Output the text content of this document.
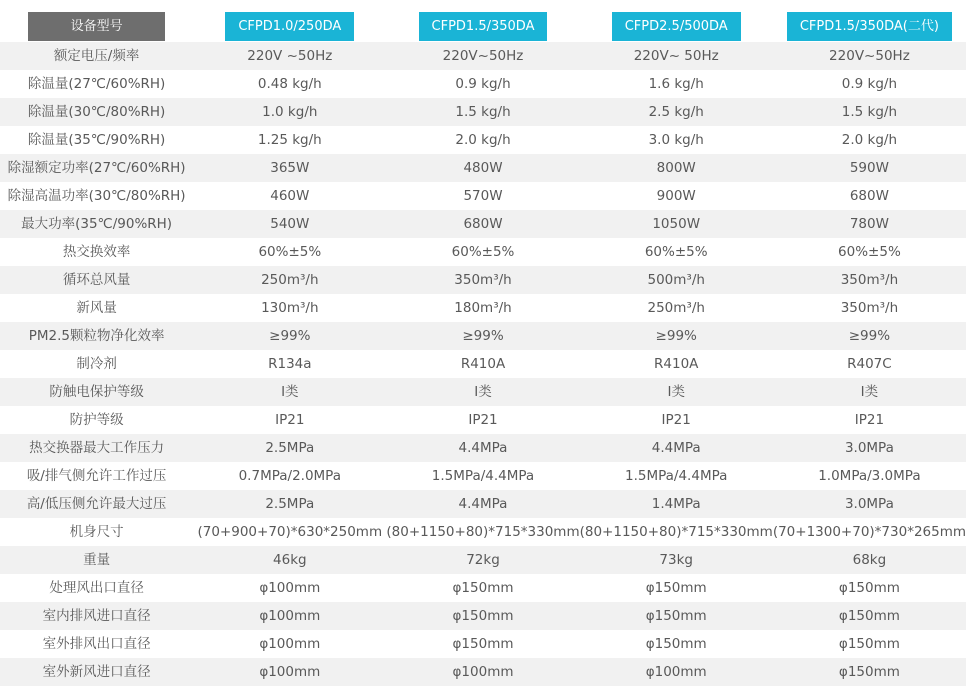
设备型号	CFPD1.0/250DA	CFPD1.5/350DA	CFPD2.5/500DA	CFPD1.5/350DA(二代)
额定电压/频率	220V ~50Hz	220V~50Hz	220V~ 50Hz	220V~50Hz
除温量(27℃/60%RH)	0.48 kg/h	0.9 kg/h	1.6 kg/h	0.9 kg/h
除温量(30℃/80%RH)	1.0 kg/h	1.5 kg/h	2.5 kg/h	1.5 kg/h
除温量(35℃/90%RH)	1.25 kg/h	2.0 kg/h	3.0 kg/h	2.0 kg/h
除湿额定功率(27℃/60%RH)	365W	480W	800W	590W
除湿高温功率(30℃/80%RH)	460W	570W	900W	680W
最大功率(35℃/90%RH)	540W	680W	1050W	780W
热交换效率	60%±5%	60%±5%	60%±5%	60%±5%
循环总风量	250m³/h	350m³/h	500m³/h	350m³/h
新风量	130m³/h	180m³/h	250m³/h	350m³/h
PM2.5颗粒物净化效率	≥99%	≥99%	≥99%	≥99%
制冷剂	R134a	R410A	R410A	R407C
防触电保护等级	I类	I类	I类	I类
防护等级	IP21	IP21	IP21	IP21
热交换器最大工作压力	2.5MPa	4.4MPa	4.4MPa	3.0MPa
吸/排气侧允许工作过压	0.7MPa/2.0MPa	1.5MPa/4.4MPa	1.5MPa/4.4MPa	1.0MPa/3.0MPa
高/低压侧允许最大过压	2.5MPa	4.4MPa	1.4MPa	3.0MPa
机身尺寸	(70+900+70)*630*250mm (80+1150+80)*715*330mm (80+1150+80)*715*330mm (70+1300+70)*730*265mm
重量	46kg	72kg	73kg	68kg
处理风出口直径	φ100mm	φ150mm	φ150mm	φ150mm
室内排风进口直径	φ100mm	φ150mm	φ150mm	φ150mm
室外排风出口直径	φ100mm	φ150mm	φ150mm	φ150mm
室外新风进口直径	φ100mm	φ100mm	φ100mm	φ150mm
